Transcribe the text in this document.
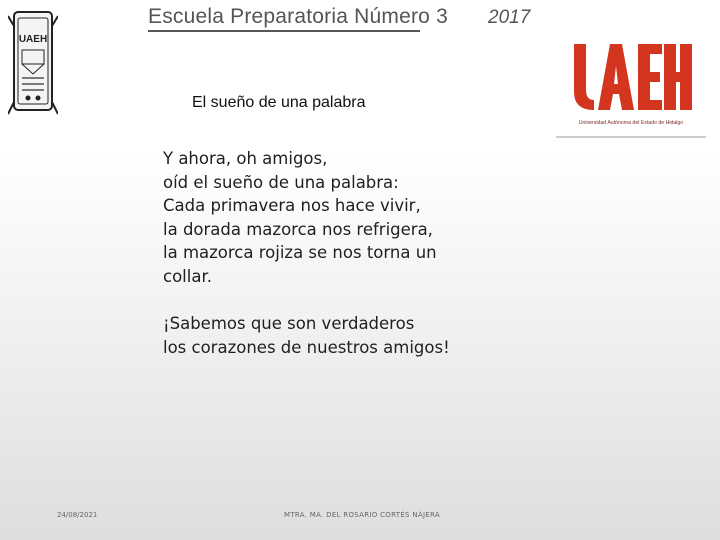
UAEH
Escuela Preparatoria Número 3 2017
Universidad Autónoma del Estado de Hidalgo
El sueño de una palabra
Y ahora, oh amigos,
oíd el sueño de una palabra:
Cada primavera nos hace vivir,
la dorada mazorca nos refrigera,
la mazorca rojiza se nos torna un
collar.
¡Sabemos que son verdaderos
los corazones de nuestros amigos!
24/08/2021	MTRA. MA. DEL ROSARIO CORTÉS NÁJERA
